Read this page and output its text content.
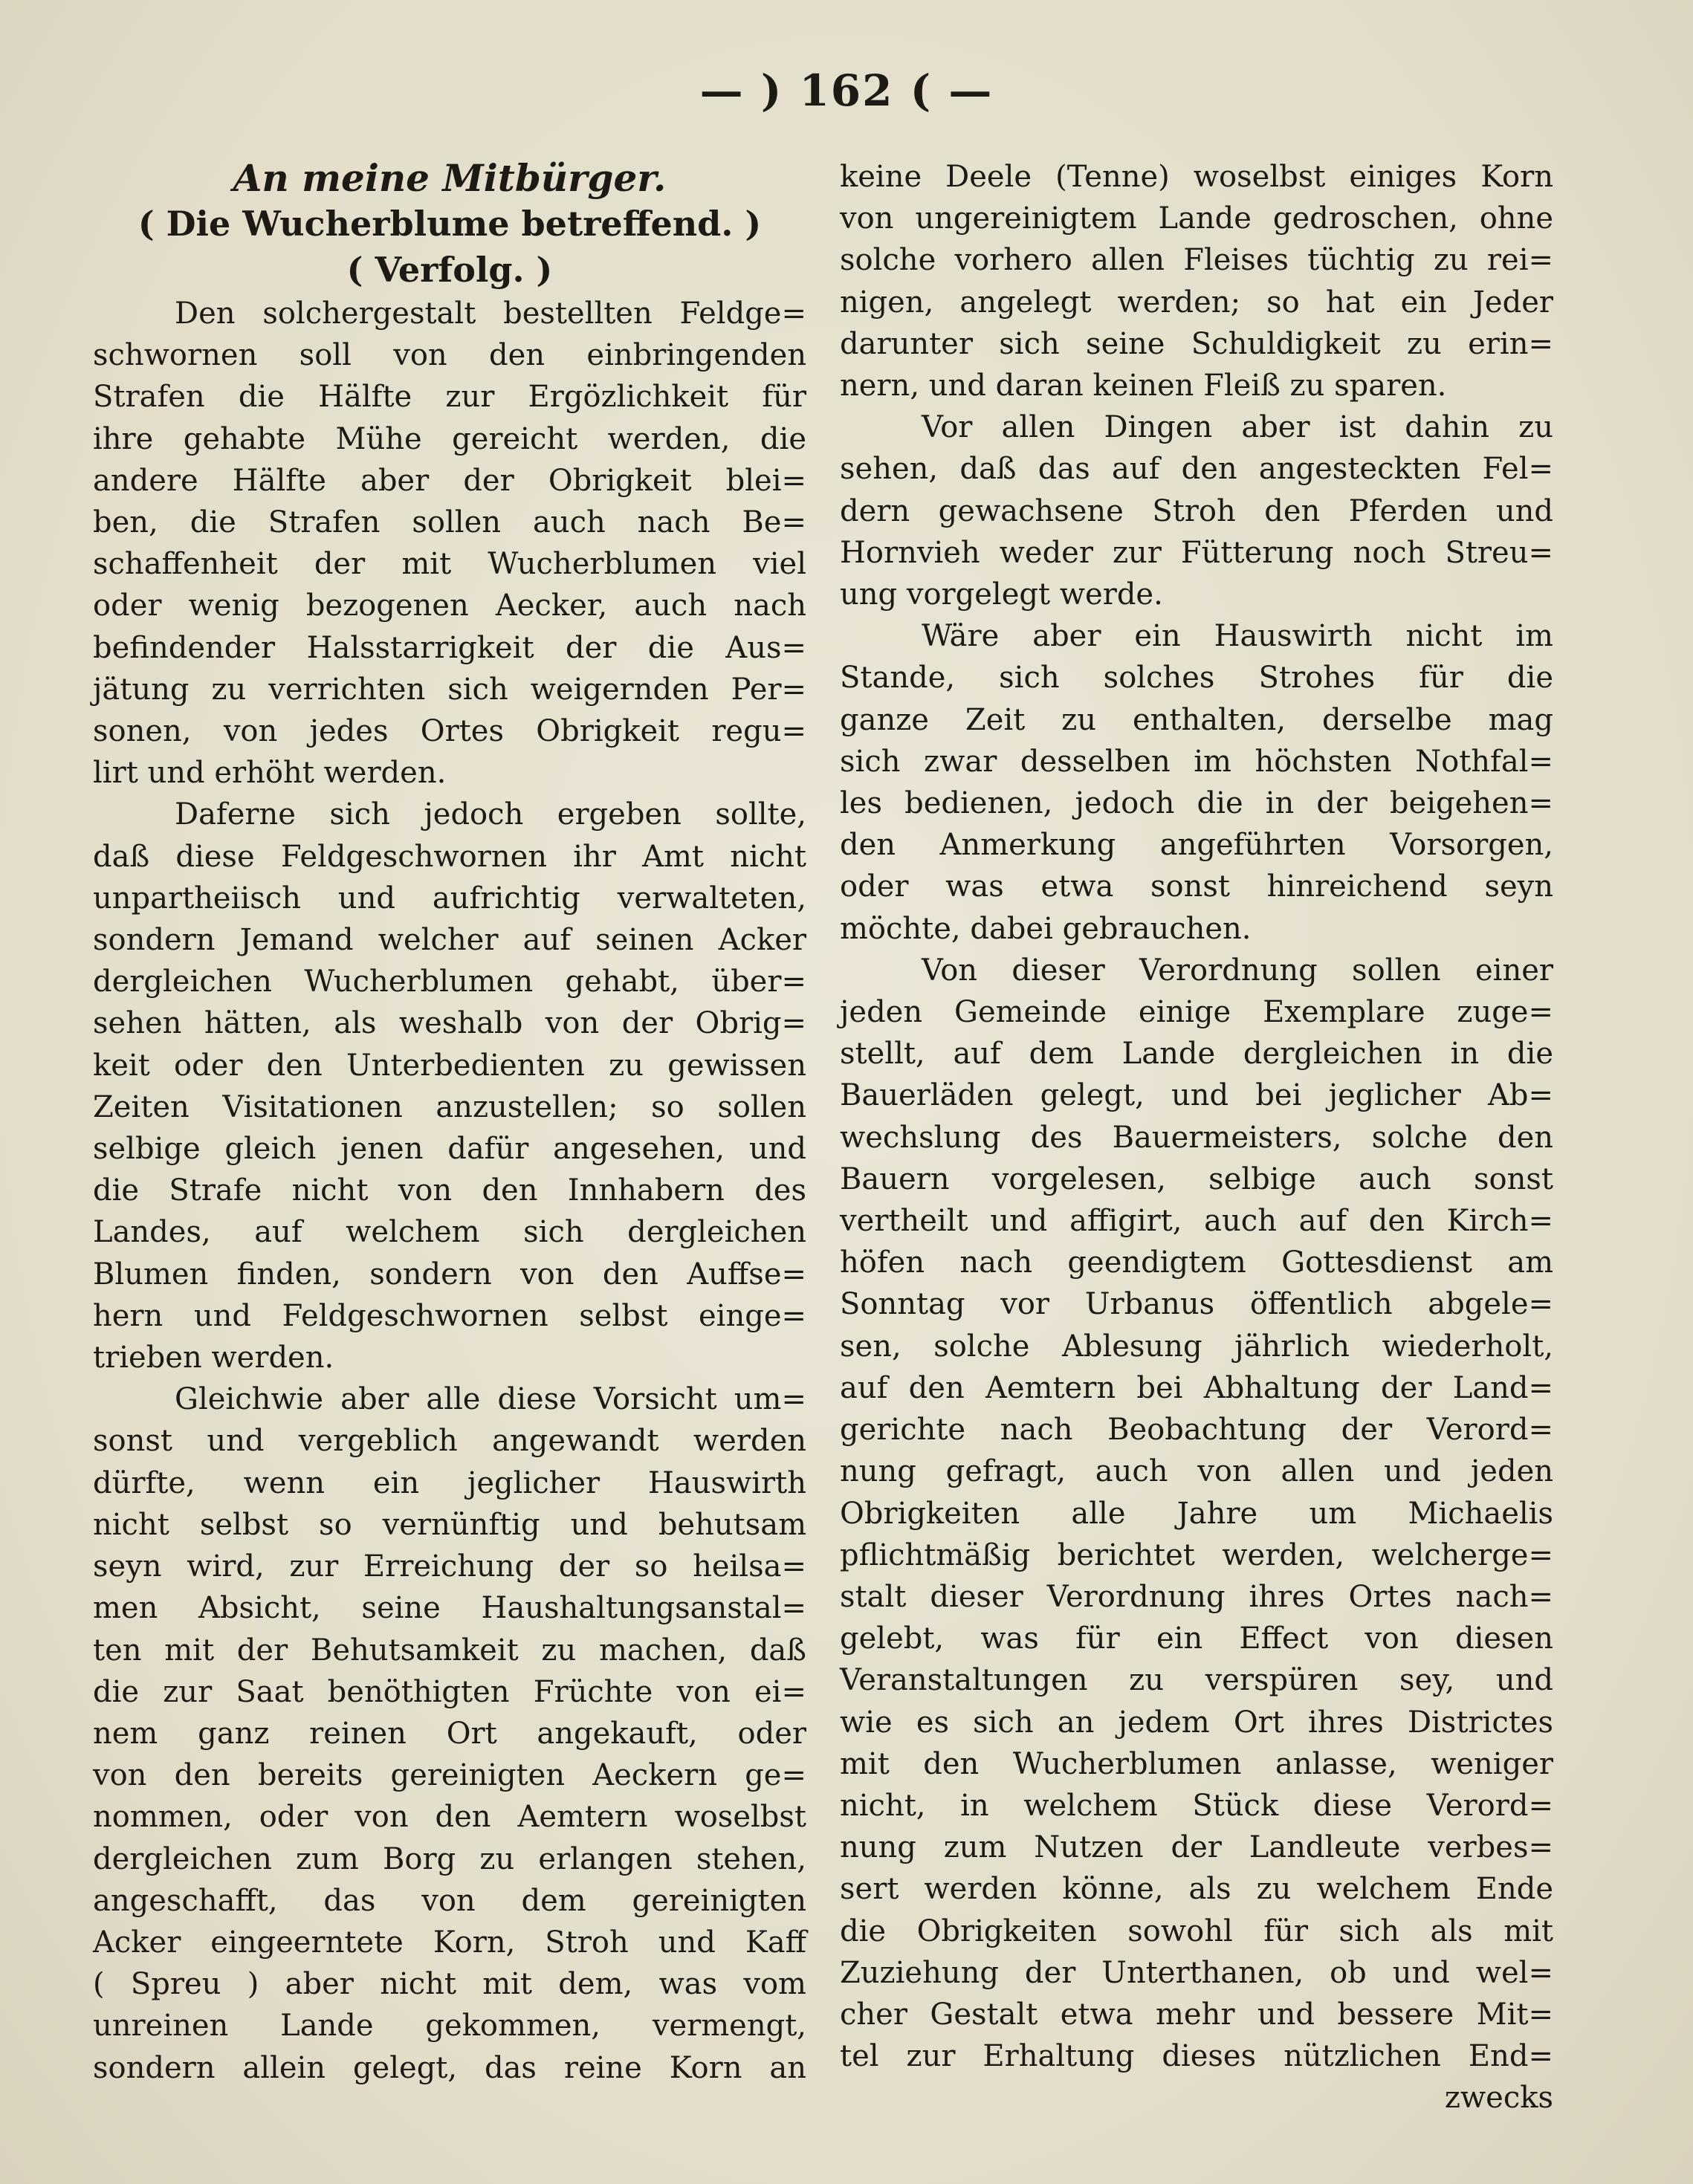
— ) 162 ( —
An meine Mitbürger.
( Die Wucherblume betreffend. )
( Verfolg. )
Den solchergestalt bestellten Feldge=
schwornen soll von den einbringenden
Strafen die Hälfte zur Ergözlichkeit für
ihre gehabte Mühe gereicht werden, die
andere Hälfte aber der Obrigkeit blei=
ben, die Strafen sollen auch nach Be=
schaffenheit der mit Wucherblumen viel
oder wenig bezogenen Aecker, auch nach
befindender Halsstarrigkeit der die Aus=
jätung zu verrichten sich weigernden Per=
sonen, von jedes Ortes Obrigkeit regu=
lirt und erhöht werden.
Daferne sich jedoch ergeben sollte,
daß diese Feldgeschwornen ihr Amt nicht
unpartheiisch und aufrichtig verwalteten,
sondern Jemand welcher auf seinen Acker
dergleichen Wucherblumen gehabt, über=
sehen hätten, als weshalb von der Obrig=
keit oder den Unterbedienten zu gewissen
Zeiten Visitationen anzustellen; so sollen
selbige gleich jenen dafür angesehen, und
die Strafe nicht von den Innhabern des
Landes, auf welchem sich dergleichen
Blumen finden, sondern von den Auffse=
hern und Feldgeschwornen selbst einge=
trieben werden.
Gleichwie aber alle diese Vorsicht um=
sonst und vergeblich angewandt werden
dürfte, wenn ein jeglicher Hauswirth
nicht selbst so vernünftig und behutsam
seyn wird, zur Erreichung der so heilsa=
men Absicht, seine Haushaltungsanstal=
ten mit der Behutsamkeit zu machen, daß
die zur Saat benöthigten Früchte von ei=
nem ganz reinen Ort angekauft, oder
von den bereits gereinigten Aeckern ge=
nommen, oder von den Aemtern woselbst
dergleichen zum Borg zu erlangen stehen,
angeschafft, das von dem gereinigten
Acker eingeerntete Korn, Stroh und Kaff
( Spreu ) aber nicht mit dem, was vom
unreinen Lande gekommen, vermengt,
sondern allein gelegt, das reine Korn an
keine Deele (Tenne) woselbst einiges Korn
von ungereinigtem Lande gedroschen, ohne
solche vorhero allen Fleises tüchtig zu rei=
nigen, angelegt werden; so hat ein Jeder
darunter sich seine Schuldigkeit zu erin=
nern, und daran keinen Fleiß zu sparen.
Vor allen Dingen aber ist dahin zu
sehen, daß das auf den angesteckten Fel=
dern gewachsene Stroh den Pferden und
Hornvieh weder zur Fütterung noch Streu=
ung vorgelegt werde.
Wäre aber ein Hauswirth nicht im
Stande, sich solches Strohes für die
ganze Zeit zu enthalten, derselbe mag
sich zwar desselben im höchsten Nothfal=
les bedienen, jedoch die in der beigehen=
den Anmerkung angeführten Vorsorgen,
oder was etwa sonst hinreichend seyn
möchte, dabei gebrauchen.
Von dieser Verordnung sollen einer
jeden Gemeinde einige Exemplare zuge=
stellt, auf dem Lande dergleichen in die
Bauerläden gelegt, und bei jeglicher Ab=
wechslung des Bauermeisters, solche den
Bauern vorgelesen, selbige auch sonst
vertheilt und affigirt, auch auf den Kirch=
höfen nach geendigtem Gottesdienst am
Sonntag vor Urbanus öffentlich abgele=
sen, solche Ablesung jährlich wiederholt,
auf den Aemtern bei Abhaltung der Land=
gerichte nach Beobachtung der Verord=
nung gefragt, auch von allen und jeden
Obrigkeiten alle Jahre um Michaelis
pflichtmäßig berichtet werden, welcherge=
stalt dieser Verordnung ihres Ortes nach=
gelebt, was für ein Effect von diesen
Veranstaltungen zu verspüren sey, und
wie es sich an jedem Ort ihres Districtes
mit den Wucherblumen anlasse, weniger
nicht, in welchem Stück diese Verord=
nung zum Nutzen der Landleute verbes=
sert werden könne, als zu welchem Ende
die Obrigkeiten sowohl für sich als mit
Zuziehung der Unterthanen, ob und wel=
cher Gestalt etwa mehr und bessere Mit=
tel zur Erhaltung dieses nützlichen End=
zwecks
